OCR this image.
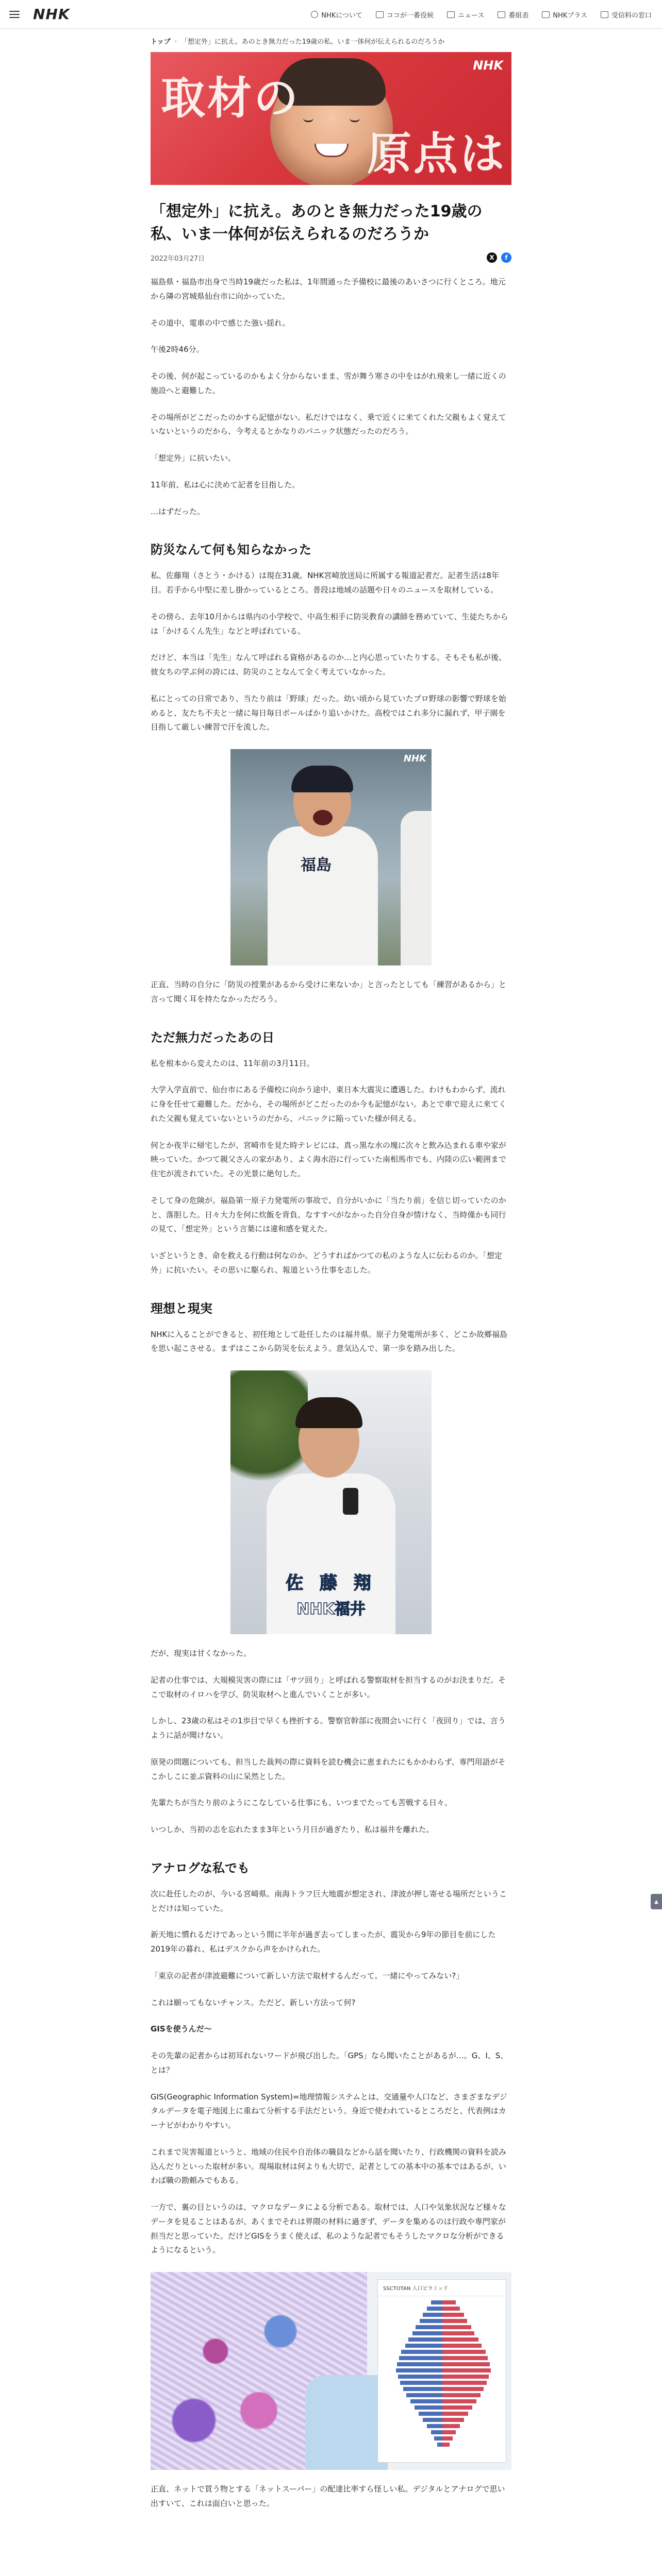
NHK	NHKについて	ココが一番役候	ニュース	番組表	NHKプラス	受信料の窓口
トップ › 「想定外」に抗え。あのとき無力だった19歳の私、いま一体何が伝えられるのだろうか
取材の
原点は
NHK
「想定外」に抗え。あのとき無力だった19歳の私、いま一体何が伝えられるのだろうか
2022年03月27日	X	f

福島県・福島市出身で当時19歳だった私は、1年間通った予備校に最後のあいさつに行くところ。地元から隣の宮城県仙台市に向かっていた。

その道中、電車の中で感じた強い揺れ。

午後2時46分。

その後、何が起こっているのかもよく分からないまま、雪が舞う寒さの中をはがれ飛来し一緒に近くの施設へと避難した。

その場所がどこだったのかすら記憶がない。私だけではなく、乗で近くに来てくれた父親もよく覚えていないというのだから、今考えるとかなりのパニック状態だったのだろう。

「想定外」に抗いたい。

11年前、私は心に決めて記者を目指した。

…はずだった。

防災なんて何も知らなかった

私、佐藤翔（さとう・かける）は現在31歳。NHK宮崎放送局に所属する報道記者だ。記者生活は8年目。若手から中堅に差し掛かっているところ。普段は地域の話題や日々のニュースを取材している。

その傍ら、去年10月からは県内の小学校で、中高生相手に防災教育の講師を務めていて、生徒たちからは「かけるくん先生」などと呼ばれている。

だけど、本当は「先生」なんて呼ばれる資格があるのか…と内心思っていたりする。そもそも私が後、彼女ちの学ぶ何の誇には、防災のことなんて全く考えていなかった。

私にとっての日常であり、当たり前は「野球」だった。幼い頃から見ていたプロ野球の影響で野球を始めると、友たち不夫と一緒に毎日毎日ボールばかり追いかけた。高校ではこれ多分に漏れず、甲子園を目指して厳しい練習で汗を流した。

福島
NHK

正直、当時の自分に「防災の授業があるから受けに来ないか」と言ったとしても「練習があるから」と言って聞く耳を持たなかっただろう。

ただ無力だったあの日

私を根本から変えたのは、11年前の3月11日。

大学入学直前で、仙台市にある予備校に向かう途中、東日本大震災に遭遇した。わけもわからず、流れに身を任せて避難した。だから、その場所がどこだったのか今も記憶がない。あとで車で迎えに来てくれた父親も覚えていないというのだから、パニックに陥っていた様が伺える。

何とか夜半に帰宅したが、宮崎市を見た時テレビには、真っ黒な水の塊に次々と飲み込まれる車や家が映っていた。かつて親父さんの家があり、よく海水浴に行っていた南相馬市でも、内陸の広い範囲まで住宅が流されていた。その光景に絶句した。

そして身の危険が。福島第一原子力発電所の事故で、自分がいかに「当たり前」を信じ切っていたのかと、落胆した。日々大力を何に炊飯を背負、なすすべがなかった自分自身が情けなく、当時僅かも同行の見て、「想定外」という言葉には違和感を覚えた。

いざというとき、命を救える行動は何なのか。どうすればかつての私のような人に伝わるのか。「想定外」に抗いたい。その思いに駆られ、報道という仕事を志した。

理想と現実

NHKに入ることができると、初任地として赴任したのは福井県。原子力発電所が多く、どこか故郷福島を思い起こさせる。まずはここから防災を伝えよう。意気込んで、第一歩を踏み出した。

佐 藤 翔
NHK福井

だが、現実は甘くなかった。

記者の仕事では、大規模災害の際には「サツ回り」と呼ばれる警察取材を担当するのがお決まりだ。そこで取材のイロハを学び、防災取材へと進んでいくことが多い。

しかし、23歳の私はその1歩目で早くも挫折する。警察官幹部に夜間会いに行く「夜回り」では、言うように話が聞けない。

原発の問題についても、担当した裁判の際に資料を読む機会に恵まれたにもかかわらず、専門用語がそこかしこに並ぶ資料の山に呆然とした。

先輩たちが当たり前のようにこなしている仕事にも、いつまでたっても苦戦する日々。

いつしか、当初の志を忘れたまま3年という月日が過ぎたり、私は福井を離れた。

アナログな私でも

次に赴任したのが、今いる宮崎県。南海トラフ巨大地震が想定され、津波が押し寄せる場所だということだけは知っていた。

新天地に慣れるだけであっという間に半年が過ぎ去ってしまったが、震災から9年の節目を前にした2019年の暮れ、私はデスクから声をかけられた。

「東京の記者が津波避難について新しい方法で取材するんだって。一緒にやってみない?」

これは願ってもないチャンス。ただど、新しい方法って何?

GISを使うんだ〜

その先輩の記者からは初耳れないワードが飛び出した。「GPS」なら聞いたことがあるが…。G、I、S、とは？

GIS(Geographic Information System)=地理情報システムとは、交通量や人口など、さまざまなデジタルデータを電子地図上に重ねて分析する手法だという。身近で使われているところだと、代表例はカーナビがわかりやすい。

これまで災害報道というと、地域の住民や自治体の職員などから話を聞いたり、行政機関の資料を読み込んだりといった取材が多い。現場取材は何よりも大切で、記者としての基本中の基本ではあるが、いわば職の勘頼みでもある。

一方で、裏の目というのは、マクロなデータによる分析である。取材では、人口や気象状況など様々なデータを見ることはあるが、あくまでそれは界隈の材料に過ぎず、データを集めるのは行政や専門家が担当だと思っていた。だけどGISをうまく使えば、私のような記者でもそうしたマクロな分析ができるようになるという。

SSCTOTAN 人口ピラミッド

正直、ネットで買う物とする「ネットスーパー」の配達比率すら怪しい私。デジタルとアナログで思い出すいて、これは面白いと思った。

▲
